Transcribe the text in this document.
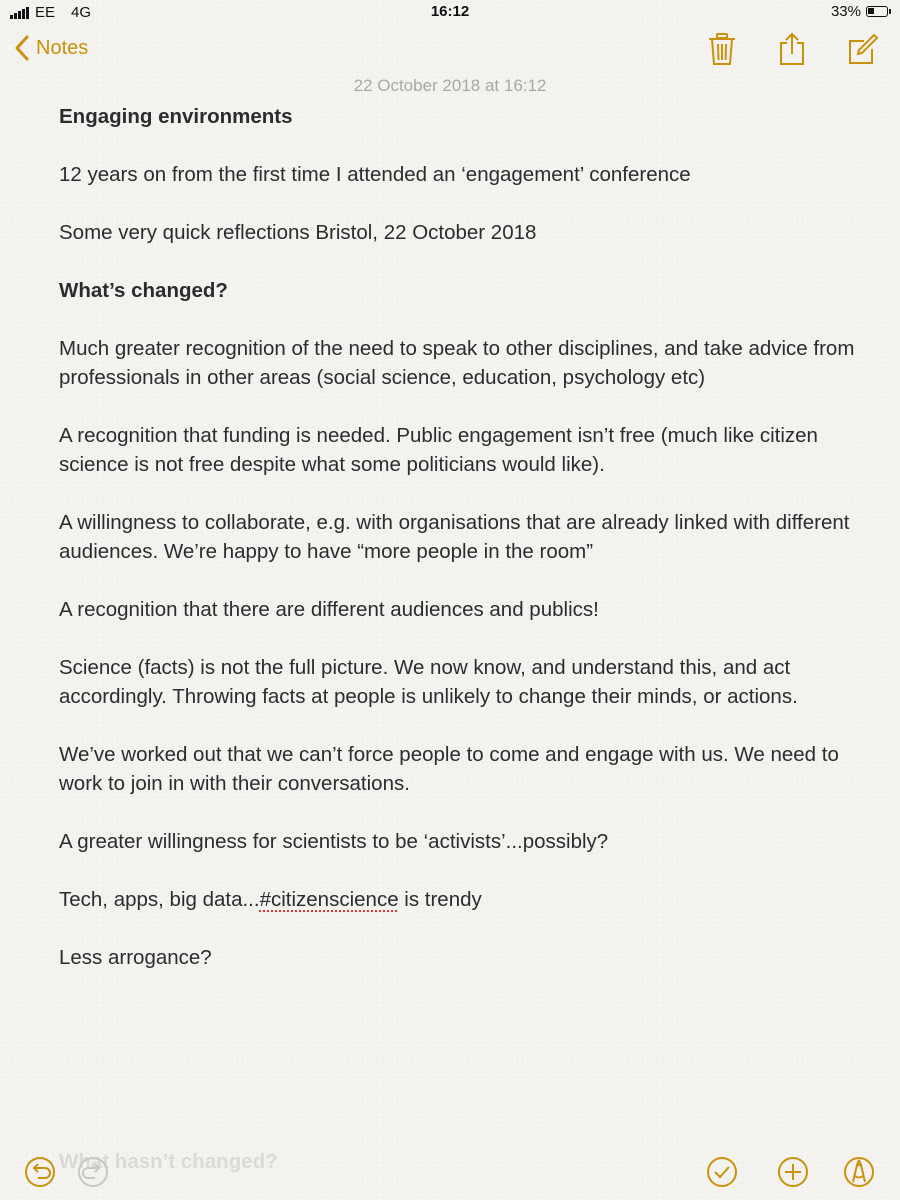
EE 4G	16:12	33%
Notes
22 October 2018 at 16:12

Engaging environments

12 years on from the first time I attended an ‘engagement’ conference

Some very quick reflections Bristol, 22 October 2018

What’s changed?

Much greater recognition of the need to speak to other disciplines, and take advice from professionals in other areas (social science, education, psychology etc)

A recognition that funding is needed. Public engagement isn’t free (much like citizen science is not free despite what some politicians would like).

A willingness to collaborate, e.g. with organisations that are already linked with different audiences. We’re happy to have “more people in the room”

A recognition that there are different audiences and publics!

Science (facts) is not the full picture. We now know, and understand this, and act accordingly. Throwing facts at people is unlikely to change their minds, or actions.

We’ve worked out that we can’t force people to come and engage with us. We need to work to join in with their conversations.

A greater willingness for scientists to be ‘activists’...possibly?

Tech, apps, big data...#citizenscience is trendy

Less arrogance?

What hasn’t changed?
